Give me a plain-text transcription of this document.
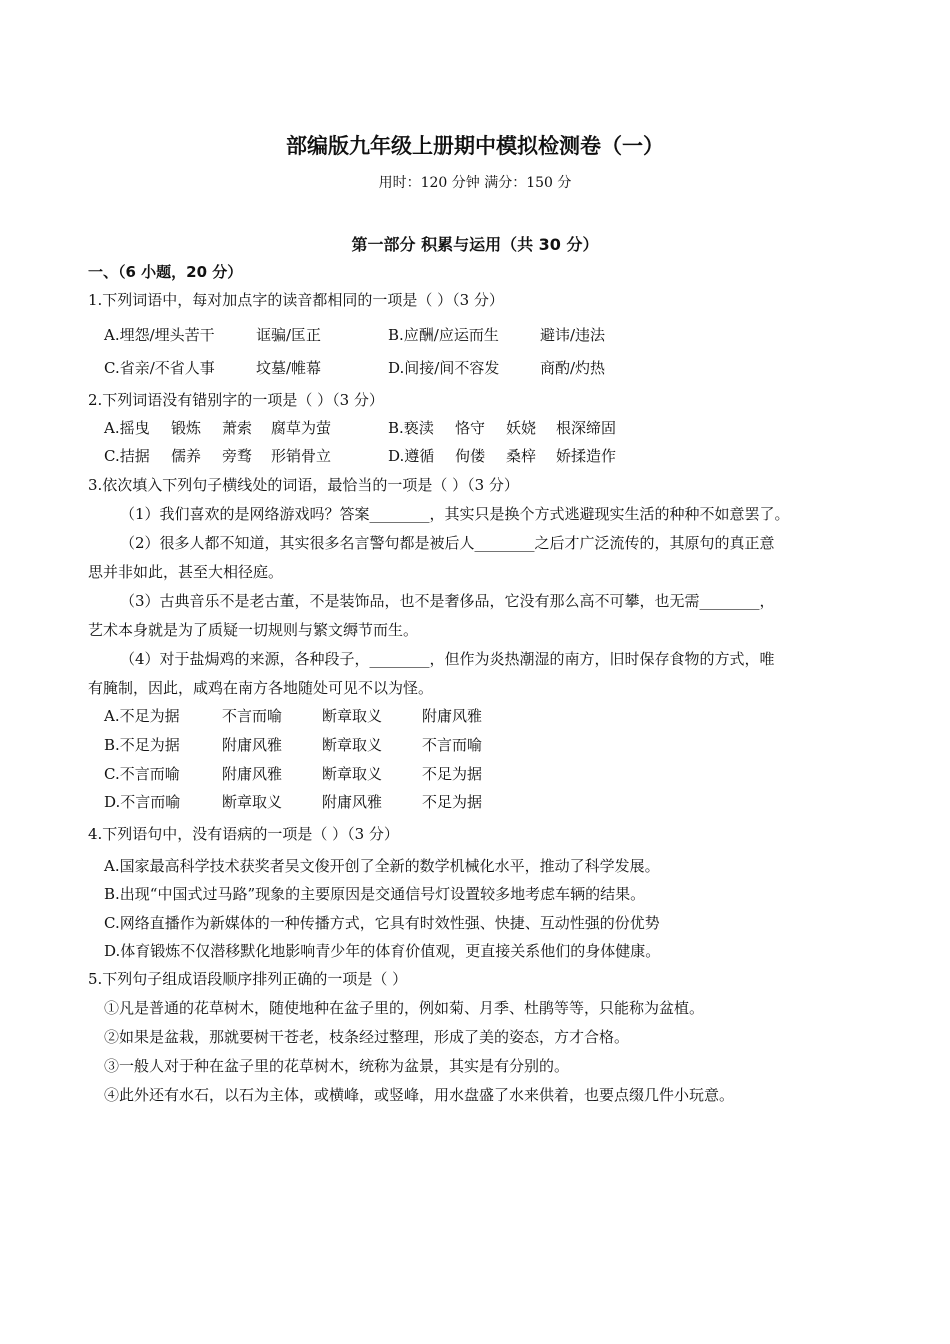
部编版九年级上册期中模拟检测卷（一）
用时：120 分钟 满分：150 分
第一部分 积累与运用（共 30 分）
一、（6 小题，20 分）
1.下列词语中，每对加点字的读音都相同的一项是（ ）（3 分）
A.埋怨/埋头苦干	诓骗/匡正	B.应酬/应运而生	避讳/违法
C.省亲/不省人事	坟墓/帷幕	D.间接/间不容发	商酌/灼热
2.下列词语没有错别字的一项是（ ）（3 分）
A.摇曳 锻炼 萧索 腐草为萤	B.亵渎 恪守 妖娆 根深缔固
C.拮据 儒养 旁骛 形销骨立	D.遵循 佝偻 桑梓 娇揉造作
3.依次填入下列句子横线处的词语，最恰当的一项是（ ）（3 分）
（1）我们喜欢的是网络游戏吗？答案________，其实只是换个方式逃避现实生活的种种不如意罢了。
（2）很多人都不知道，其实很多名言警句都是被后人________之后才广泛流传的，其原句的真正意
思并非如此，甚至大相径庭。
（3）古典音乐不是老古董，不是装饰品，也不是奢侈品，它没有那么高不可攀，也无需________，
艺术本身就是为了质疑一切规则与繁文缛节而生。
（4）对于盐焗鸡的来源，各种段子，________，但作为炎热潮湿的南方，旧时保存食物的方式，唯
有腌制，因此，咸鸡在南方各地随处可见不以为怪。
A.不足为据	不言而喻	断章取义	附庸风雅
B.不足为据	附庸风雅	断章取义	不言而喻
C.不言而喻	附庸风雅	断章取义	不足为据
D.不言而喻	断章取义	附庸风雅	不足为据
4.下列语句中，没有语病的一项是（ ）（3 分）
A.国家最高科学技术获奖者吴文俊开创了全新的数学机械化水平，推动了科学发展。
B.出现“中国式过马路”现象的主要原因是交通信号灯设置较多地考虑车辆的结果。
C.网络直播作为新媒体的一种传播方式，它具有时效性强、快捷、互动性强的份优势
D.体育锻炼不仅潜移默化地影响青少年的体育价值观，更直接关系他们的身体健康。
5.下列句子组成语段顺序排列正确的一项是（ ）
①凡是普通的花草树木，随使地种在盆子里的，例如菊、月季、杜鹃等等，只能称为盆植。
②如果是盆栽，那就要树干苍老，枝条经过整理，形成了美的姿态，方才合格。
③一般人对于种在盆子里的花草树木，统称为盆景，其实是有分别的。
④此外还有水石，以石为主体，或横峰，或竖峰，用水盘盛了水来供着，也要点缀几件小玩意。
